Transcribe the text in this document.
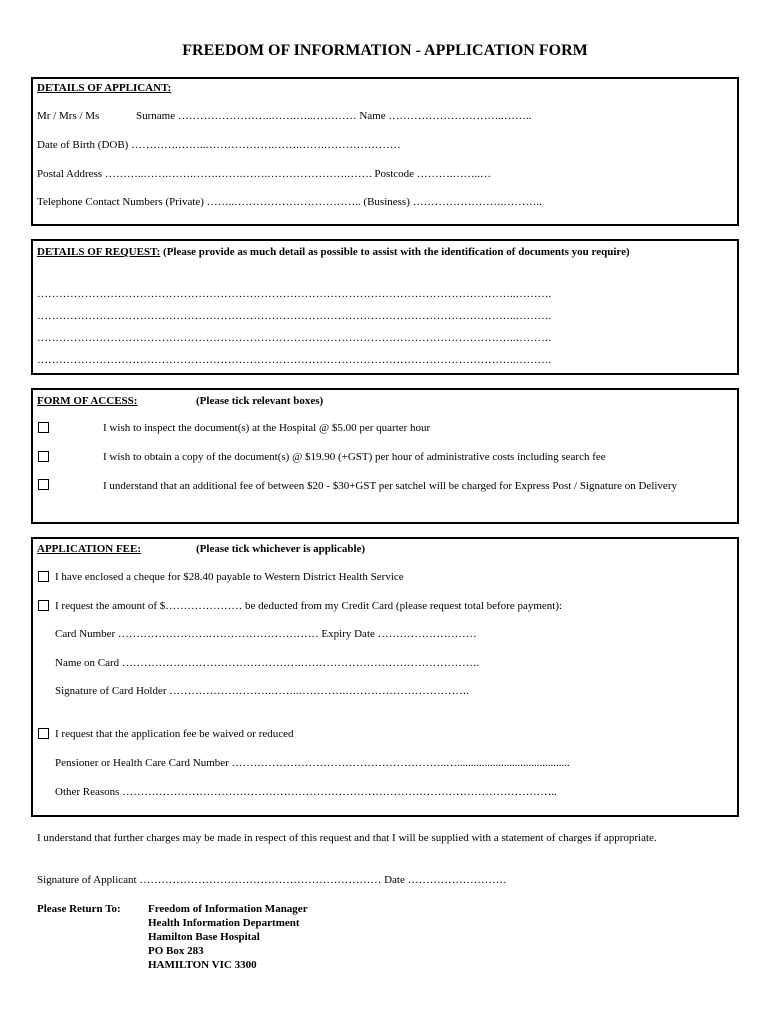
FREEDOM OF INFORMATION - APPLICATION FORM
DETAILS OF APPLICANT:
Mr / Mrs / Ms	Surname ……………………..…….…..………… Name …………………………..……..
Date of Birth (DOB) ………….……..……………….…….…….…………………
Postal Address ………..…….…….…….…….…….………………….……. Postcode ……….……..…
Telephone Contact Numbers (Private) ……..…………………………….. (Business) …………………….………..
DETAILS OF REQUEST: (Please provide as much detail as possible to assist with the identification of documents you require)
…………………………………………………………………………………………………………………..……….
…………………………………………………………………………………………………………………..……….
…………………………………………………………………………………………………………………..……….
…………………………………………………………………………………………………………………..……….
FORM OF ACCESS:	(Please tick relevant boxes)
I wish to inspect the document(s) at the Hospital @ $5.00 per quarter hour
I wish to obtain a copy of the document(s) @ $19.90 (+GST) per hour of administrative costs including search fee
I understand that an additional fee of between $20 - $30+GST per satchel will be charged for Express Post / Signature on Delivery
APPLICATION FEE:	(Please tick whichever is applicable)
I have enclosed a cheque for $28.40 payable to Western District Health Service
I request the amount of $………………… be deducted from my Credit Card (please request total before payment):
Card Number …………………….………………………… Expiry Date ………………………
Name on Card ………………………………………….………………………………………….
Signature of Card Holder ……………………….……..………….…………………………….
I request that the application fee be waived or reduced
Pensioner or Health Care Card Number …………………………………………………..….........................................
Other Reasons ………………………………………………………………………………………………………..
I understand that further charges may be made in respect of this request and that I will be supplied with a statement of charges if appropriate.
Signature of Applicant ………………………………………………………… Date ………………………
Please Return To: Freedom of Information Manager
Health Information Department
Hamilton Base Hospital
PO Box 283
HAMILTON VIC 3300
